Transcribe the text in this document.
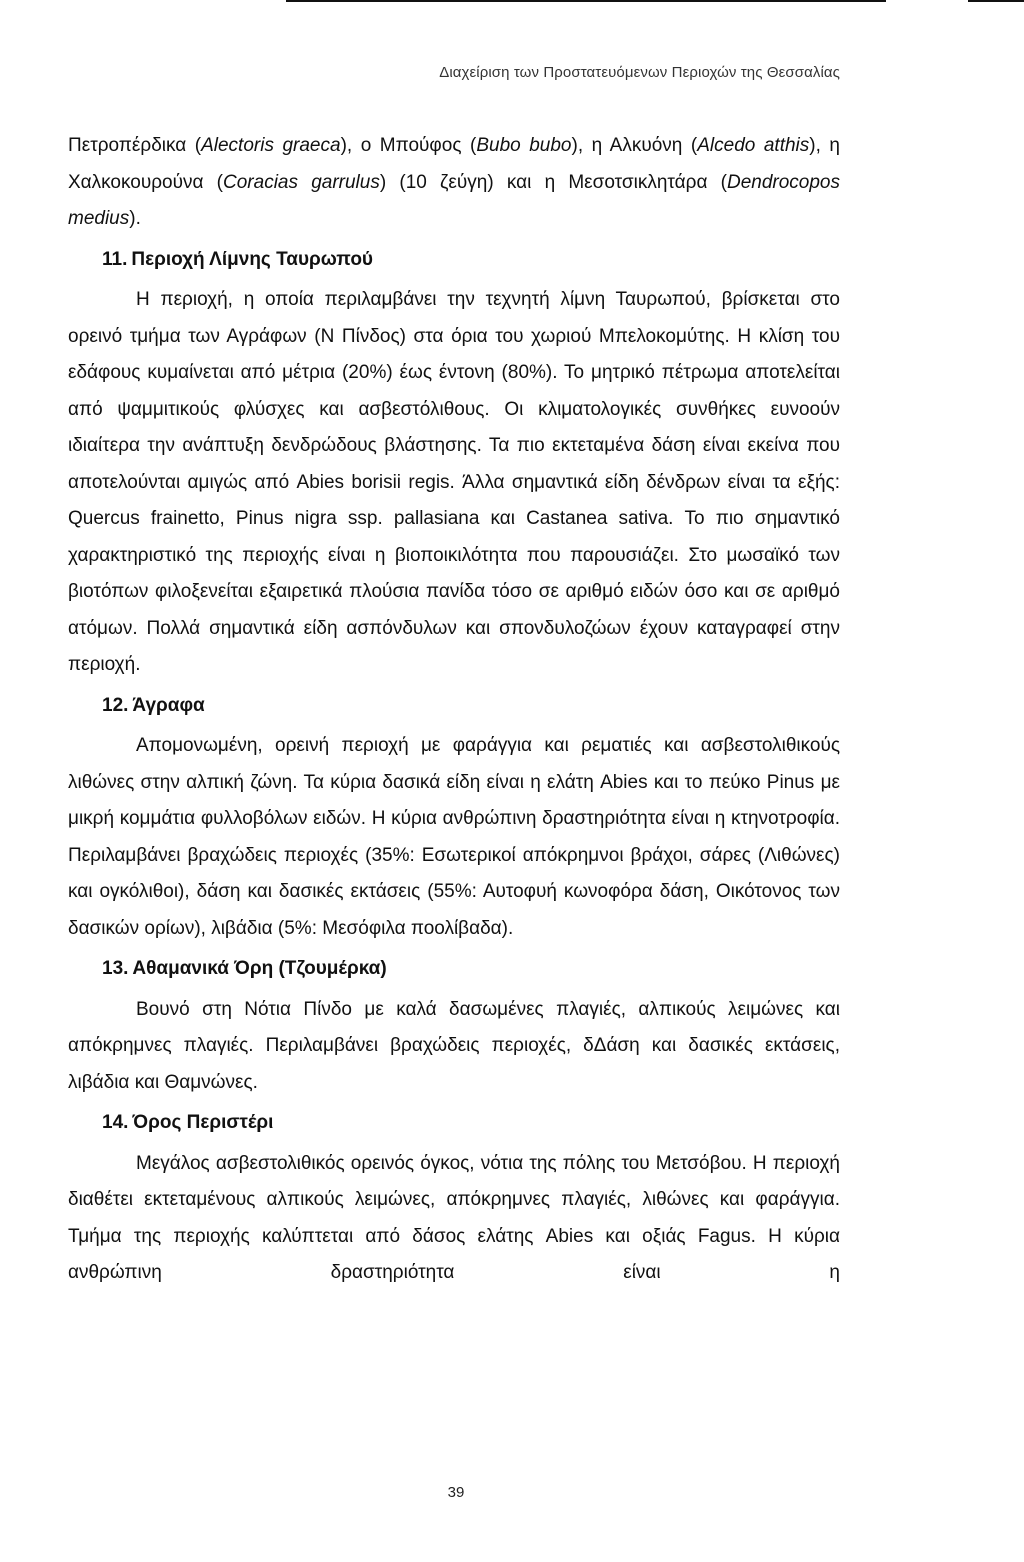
Διαχείριση των Προστατευόμενων Περιοχών της Θεσσαλίας

Πετροπέρδικα (Alectoris graeca), ο Μπούφος (Bubo bubo), η Αλκυόνη (Alcedo atthis), η Χαλκοκουρούνα (Coracias garrulus) (10 ζεύγη) και η Μεσοτσικλητάρα (Dendrocopos medius).

11. Περιοχή Λίμνης Ταυρωπού

Η περιοχή, η οποία περιλαμβάνει την τεχνητή λίμνη Ταυρωπού, βρίσκεται στο ορεινό τμήμα των Αγράφων (Ν Πίνδος) στα όρια του χωριού Μπελοκομύτης. Η κλίση του εδάφους κυμαίνεται από μέτρια (20%) έως έντονη (80%). Το μητρικό πέτρωμα αποτελείται από ψαμμιτικούς φλύσχες και ασβεστόλιθους. Οι κλιματολογικές συνθήκες ευνοούν ιδιαίτερα την ανάπτυξη δενδρώδους βλάστησης. Τα πιο εκτεταμένα δάση είναι εκείνα που αποτελούνται αμιγώς από Abies borisii regis. Άλλα σημαντικά είδη δένδρων είναι τα εξής: Quercus frainetto, Pinus nigra ssp. pallasiana και Castanea sativa. Το πιο σημαντικό χαρακτηριστικό της περιοχής είναι η βιοποικιλότητα που παρουσιάζει. Στο μωσαϊκό των βιοτόπων φιλοξενείται εξαιρετικά πλούσια πανίδα τόσο σε αριθμό ειδών όσο και σε αριθμό ατόμων. Πολλά σημαντικά είδη ασπόνδυλων και σπονδυλοζώων έχουν καταγραφεί στην περιοχή.

12. Άγραφα

Απομονωμένη, ορεινή περιοχή με φαράγγια και ρεματιές και ασβεστολιθικούς λιθώνες στην αλπική ζώνη. Τα κύρια δασικά είδη είναι η ελάτη Abies και το πεύκο Pinus με μικρή κομμάτια φυλλοβόλων ειδών. Η κύρια ανθρώπινη δραστηριότητα είναι η κτηνοτροφία. Περιλαμβάνει βραχώδεις περιοχές (35%: Εσωτερικοί απόκρημνοι βράχοι, σάρες (Λιθώνες) και ογκόλιθοι), δάση και δασικές εκτάσεις (55%: Αυτοφυή κωνοφόρα δάση, Οικότονος των δασικών ορίων), λιβάδια (5%: Μεσόφιλα ποολίβαδα).

13. Αθαμανικά Όρη (Τζουμέρκα)

Βουνό στη Νότια Πίνδο με καλά δασωμένες πλαγιές, αλπικούς λειμώνες και απόκρημνες πλαγιές. Περιλαμβάνει βραχώδεις περιοχές, δΔάση και δασικές εκτάσεις, λιβάδια και Θαμνώνες.

14. Όρος Περιστέρι

Μεγάλος ασβεστολιθικός ορεινός όγκος, νότια της πόλης του Μετσόβου. Η περιοχή διαθέτει εκτεταμένους αλπικούς λειμώνες, απόκρημνες πλαγιές, λιθώνες και φαράγγια. Τμήμα της περιοχής καλύπτεται από δάσος ελάτης Abies και οξιάς Fagus. Η κύρια ανθρώπινη δραστηριότητα είναι η

39
